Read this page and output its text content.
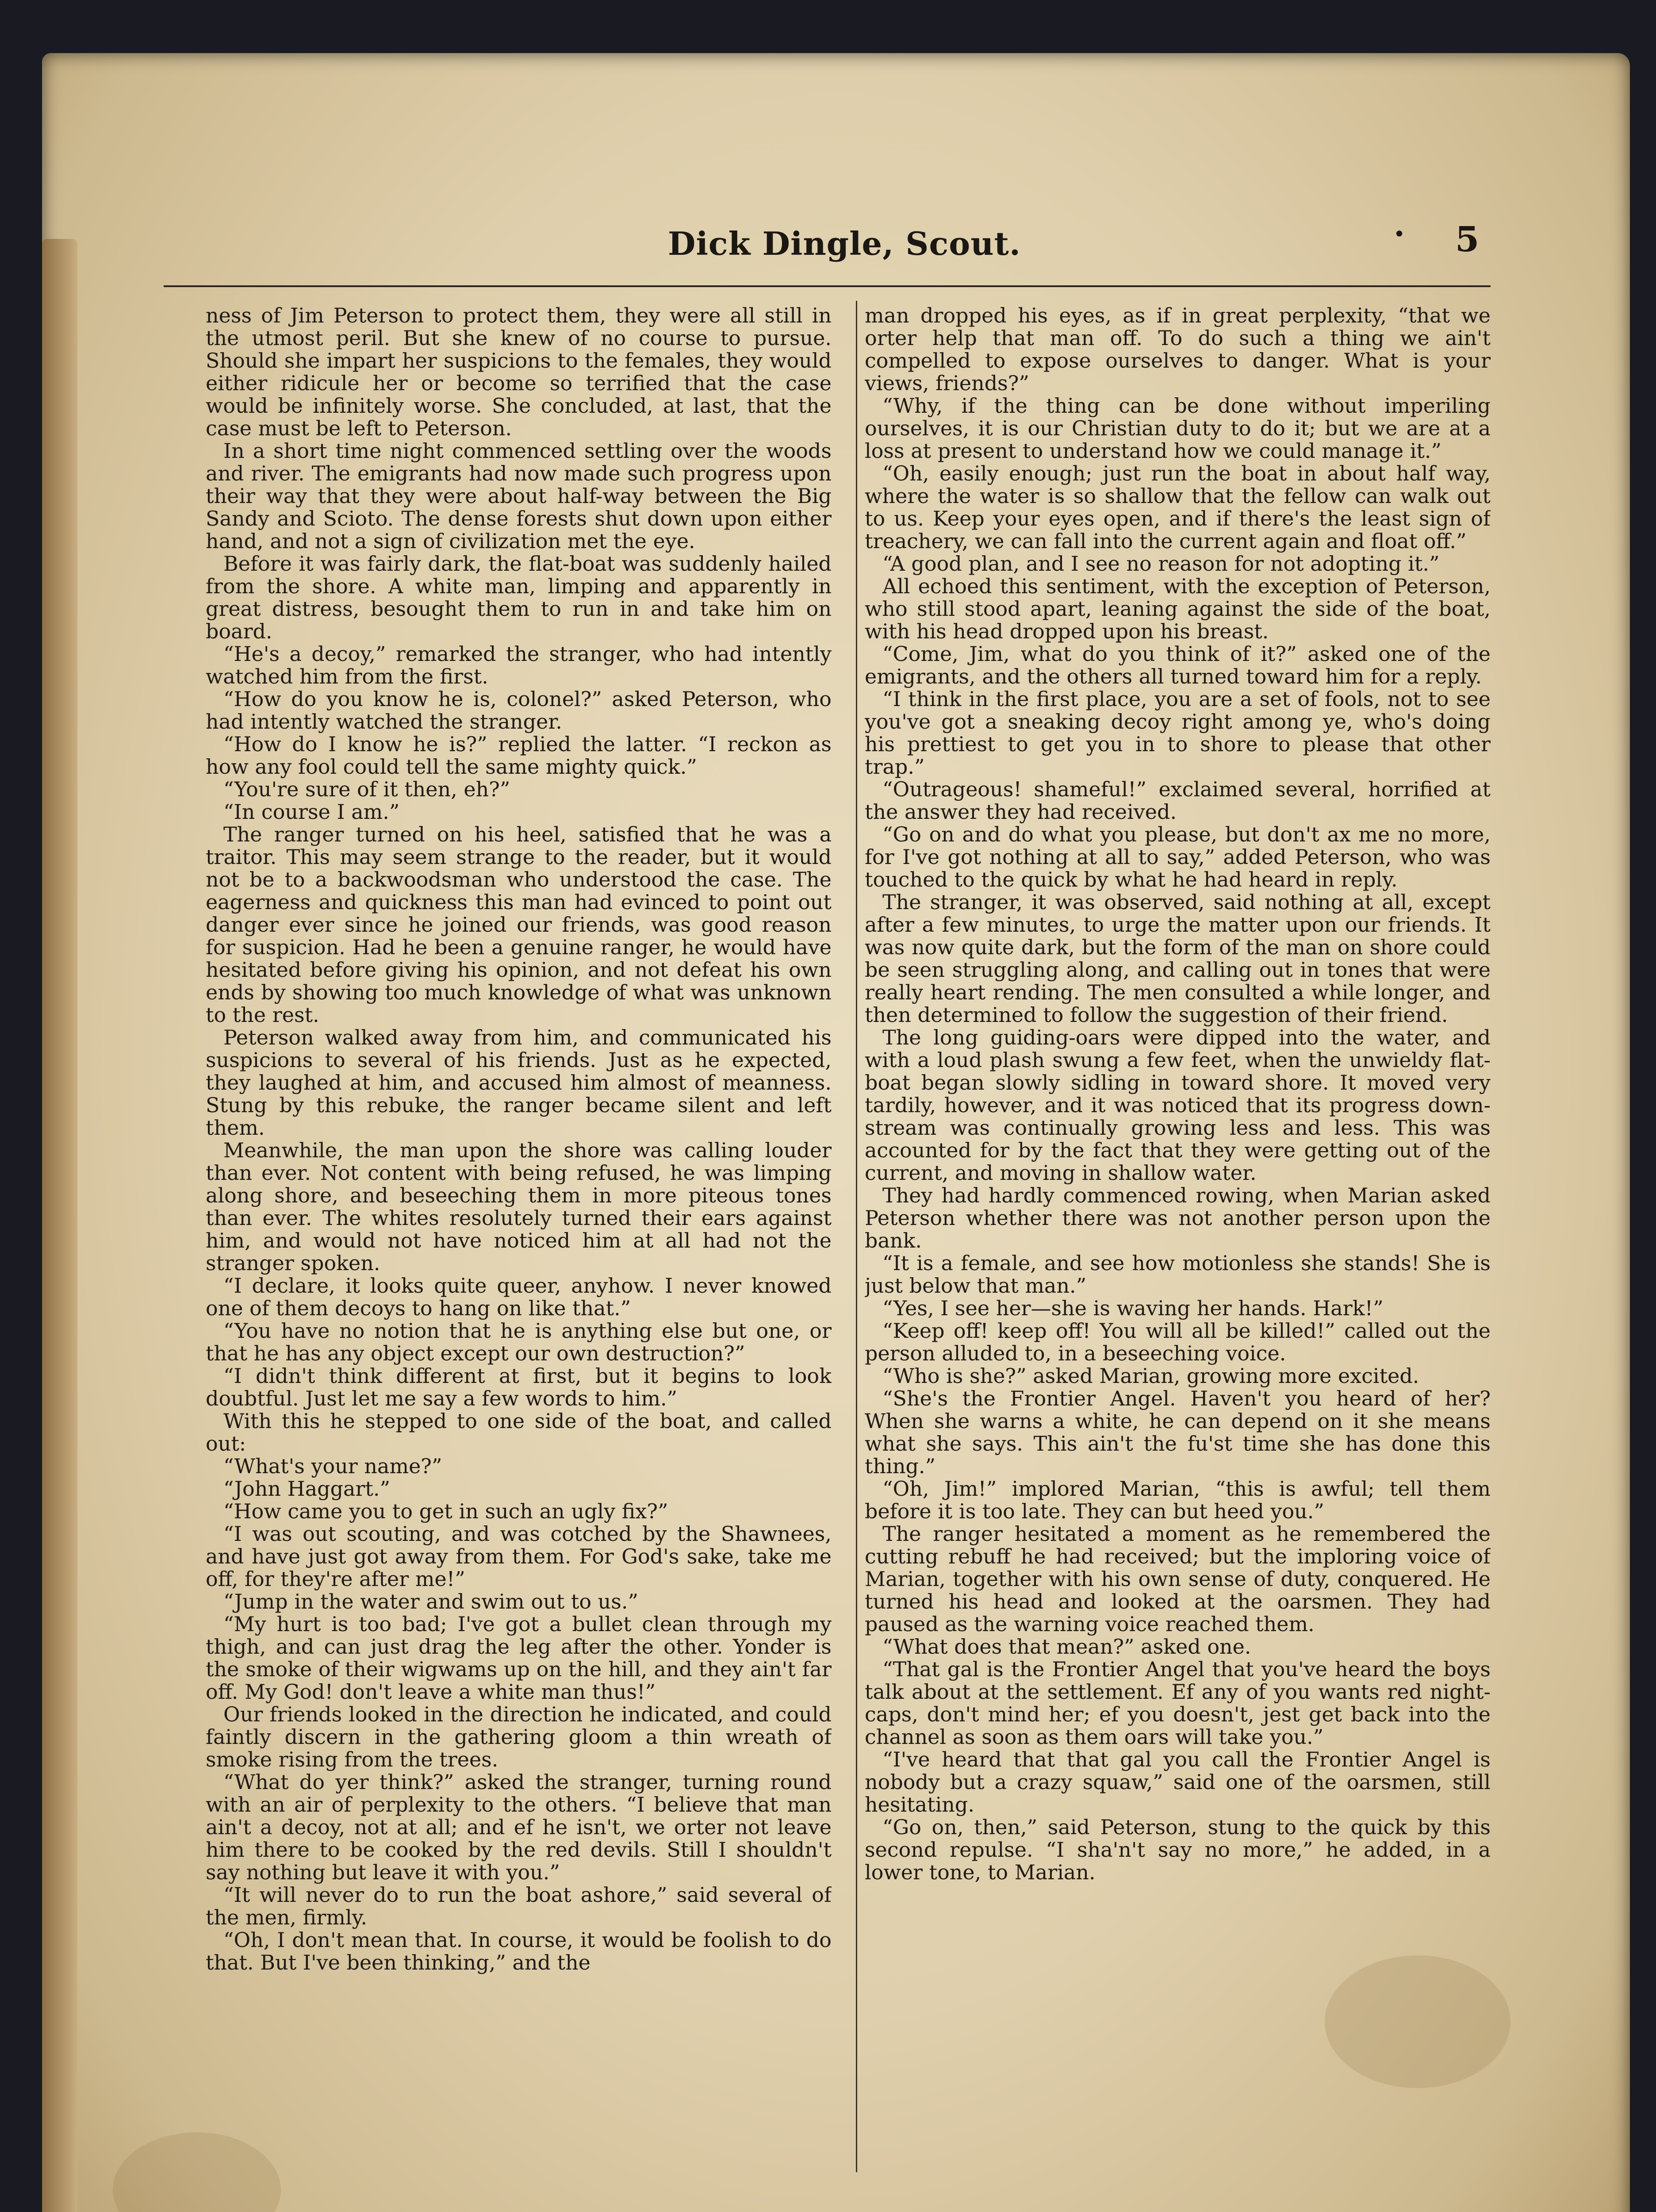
Dick Dingle, Scout.	• 5

ness of Jim Peterson to protect them, they were all still in the utmost peril. But she knew of no course to pursue. Should she impart her suspicions to the females, they would either ridicule her or become so terrified that the case would be infinitely worse. She concluded, at last, that the case must be left to Peterson.

In a short time night commenced settling over the woods and river. The emigrants had now made such progress upon their way that they were about half-way between the Big Sandy and Scioto. The dense forests shut down upon either hand, and not a sign of civilization met the eye.

Before it was fairly dark, the flat-boat was suddenly hailed from the shore. A white man, limping and apparently in great distress, besought them to run in and take him on board.

“He's a decoy,” remarked the stranger, who had intently watched him from the first.

“How do you know he is, colonel?” asked Peterson, who had intently watched the stranger.

“How do I know he is?” replied the latter. “I reckon as how any fool could tell the same mighty quick.”

“You're sure of it then, eh?”

“In course I am.”

The ranger turned on his heel, satisfied that he was a traitor. This may seem strange to the reader, but it would not be to a backwoodsman who understood the case. The eagerness and quickness this man had evinced to point out danger ever since he joined our friends, was good reason for suspicion. Had he been a genuine ranger, he would have hesitated before giving his opinion, and not defeat his own ends by showing too much knowledge of what was unknown to the rest.

Peterson walked away from him, and communicated his suspicions to several of his friends. Just as he expected, they laughed at him, and accused him almost of meanness. Stung by this rebuke, the ranger became silent and left them.

Meanwhile, the man upon the shore was calling louder than ever. Not content with being refused, he was limping along shore, and beseeching them in more piteous tones than ever. The whites resolutely turned their ears against him, and would not have noticed him at all had not the stranger spoken.

“I declare, it looks quite queer, anyhow. I never knowed one of them decoys to hang on like that.”

“You have no notion that he is anything else but one, or that he has any object except our own destruction?”

“I didn't think different at first, but it begins to look doubtful. Just let me say a few words to him.”

With this he stepped to one side of the boat, and called out:

“What's your name?”

“John Haggart.”

“How came you to get in such an ugly fix?”

“I was out scouting, and was cotched by the Shawnees, and have just got away from them. For God's sake, take me off, for they're after me!”

“Jump in the water and swim out to us.”

“My hurt is too bad; I've got a bullet clean through my thigh, and can just drag the leg after the other. Yonder is the smoke of their wigwams up on the hill, and they ain't far off. My God! don't leave a white man thus!”

Our friends looked in the direction he indicated, and could faintly discern in the gathering gloom a thin wreath of smoke rising from the trees.

“What do yer think?” asked the stranger, turning round with an air of perplexity to the others. “I believe that man ain't a decoy, not at all; and ef he isn't, we orter not leave him there to be cooked by the red devils. Still I shouldn't say nothing but leave it with you.”

“It will never do to run the boat ashore,” said several of the men, firmly.

“Oh, I don't mean that. In course, it would be foolish to do that. But I've been thinking,” and the

man dropped his eyes, as if in great perplexity, “that we orter help that man off. To do such a thing we ain't compelled to expose ourselves to danger. What is your views, friends?”

“Why, if the thing can be done without imperiling ourselves, it is our Christian duty to do it; but we are at a loss at present to understand how we could manage it.”

“Oh, easily enough; just run the boat in about half way, where the water is so shallow that the fellow can walk out to us. Keep your eyes open, and if there's the least sign of treachery, we can fall into the current again and float off.”

“A good plan, and I see no reason for not adopting it.”

All echoed this sentiment, with the exception of Peterson, who still stood apart, leaning against the side of the boat, with his head dropped upon his breast.

“Come, Jim, what do you think of it?” asked one of the emigrants, and the others all turned toward him for a reply.

“I think in the first place, you are a set of fools, not to see you've got a sneaking decoy right among ye, who's doing his prettiest to get you in to shore to please that other trap.”

“Outrageous! shameful!” exclaimed several, horrified at the answer they had received.

“Go on and do what you please, but don't ax me no more, for I've got nothing at all to say,” added Peterson, who was touched to the quick by what he had heard in reply.

The stranger, it was observed, said nothing at all, except after a few minutes, to urge the matter upon our friends. It was now quite dark, but the form of the man on shore could be seen struggling along, and calling out in tones that were really heart rending. The men consulted a while longer, and then determined to follow the suggestion of their friend.

The long guiding-oars were dipped into the water, and with a loud plash swung a few feet, when the unwieldy flat-boat began slowly sidling in toward shore. It moved very tardily, however, and it was noticed that its progress down-stream was continually growing less and less. This was accounted for by the fact that they were getting out of the current, and moving in shallow water.

They had hardly commenced rowing, when Marian asked Peterson whether there was not another person upon the bank.

“It is a female, and see how motionless she stands! She is just below that man.”

“Yes, I see her—she is waving her hands. Hark!”

“Keep off! keep off! You will all be killed!” called out the person alluded to, in a beseeching voice.

“Who is she?” asked Marian, growing more excited.

“She's the Frontier Angel. Haven't you heard of her? When she warns a white, he can depend on it she means what she says. This ain't the fu'st time she has done this thing.”

“Oh, Jim!” implored Marian, “this is awful; tell them before it is too late. They can but heed you.”

The ranger hesitated a moment as he remembered the cutting rebuff he had received; but the imploring voice of Marian, together with his own sense of duty, conquered. He turned his head and looked at the oarsmen. They had paused as the warning voice reached them.

“What does that mean?” asked one.

“That gal is the Frontier Angel that you've heard the boys talk about at the settlement. Ef any of you wants red night-caps, don't mind her; ef you doesn't, jest get back into the channel as soon as them oars will take you.”

“I've heard that that gal you call the Frontier Angel is nobody but a crazy squaw,” said one of the oarsmen, still hesitating.

“Go on, then,” said Peterson, stung to the quick by this second repulse. “I sha'n't say no more,” he added, in a lower tone, to Marian.
